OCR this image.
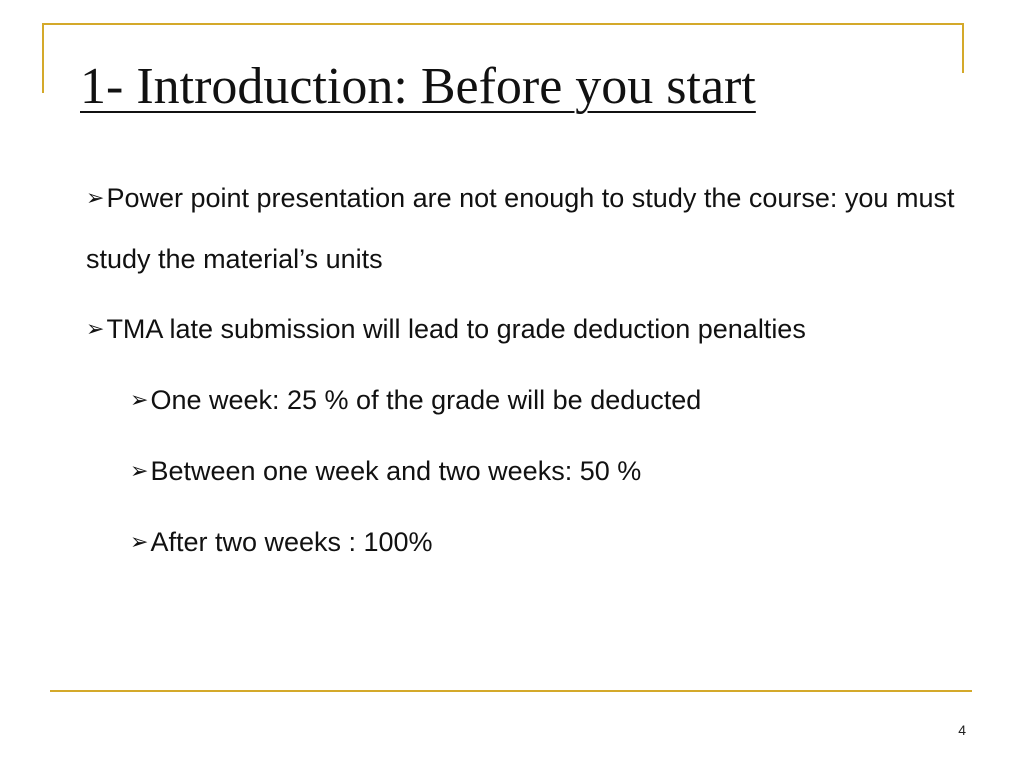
1- Introduction: Before you start

➢Power point presentation are not enough to study the course: you must study the material’s units

➢TMA late submission will lead to grade deduction penalties

➢One week: 25 % of the grade will be deducted

➢Between one week and two weeks: 50 %

➢After two weeks : 100%

4
